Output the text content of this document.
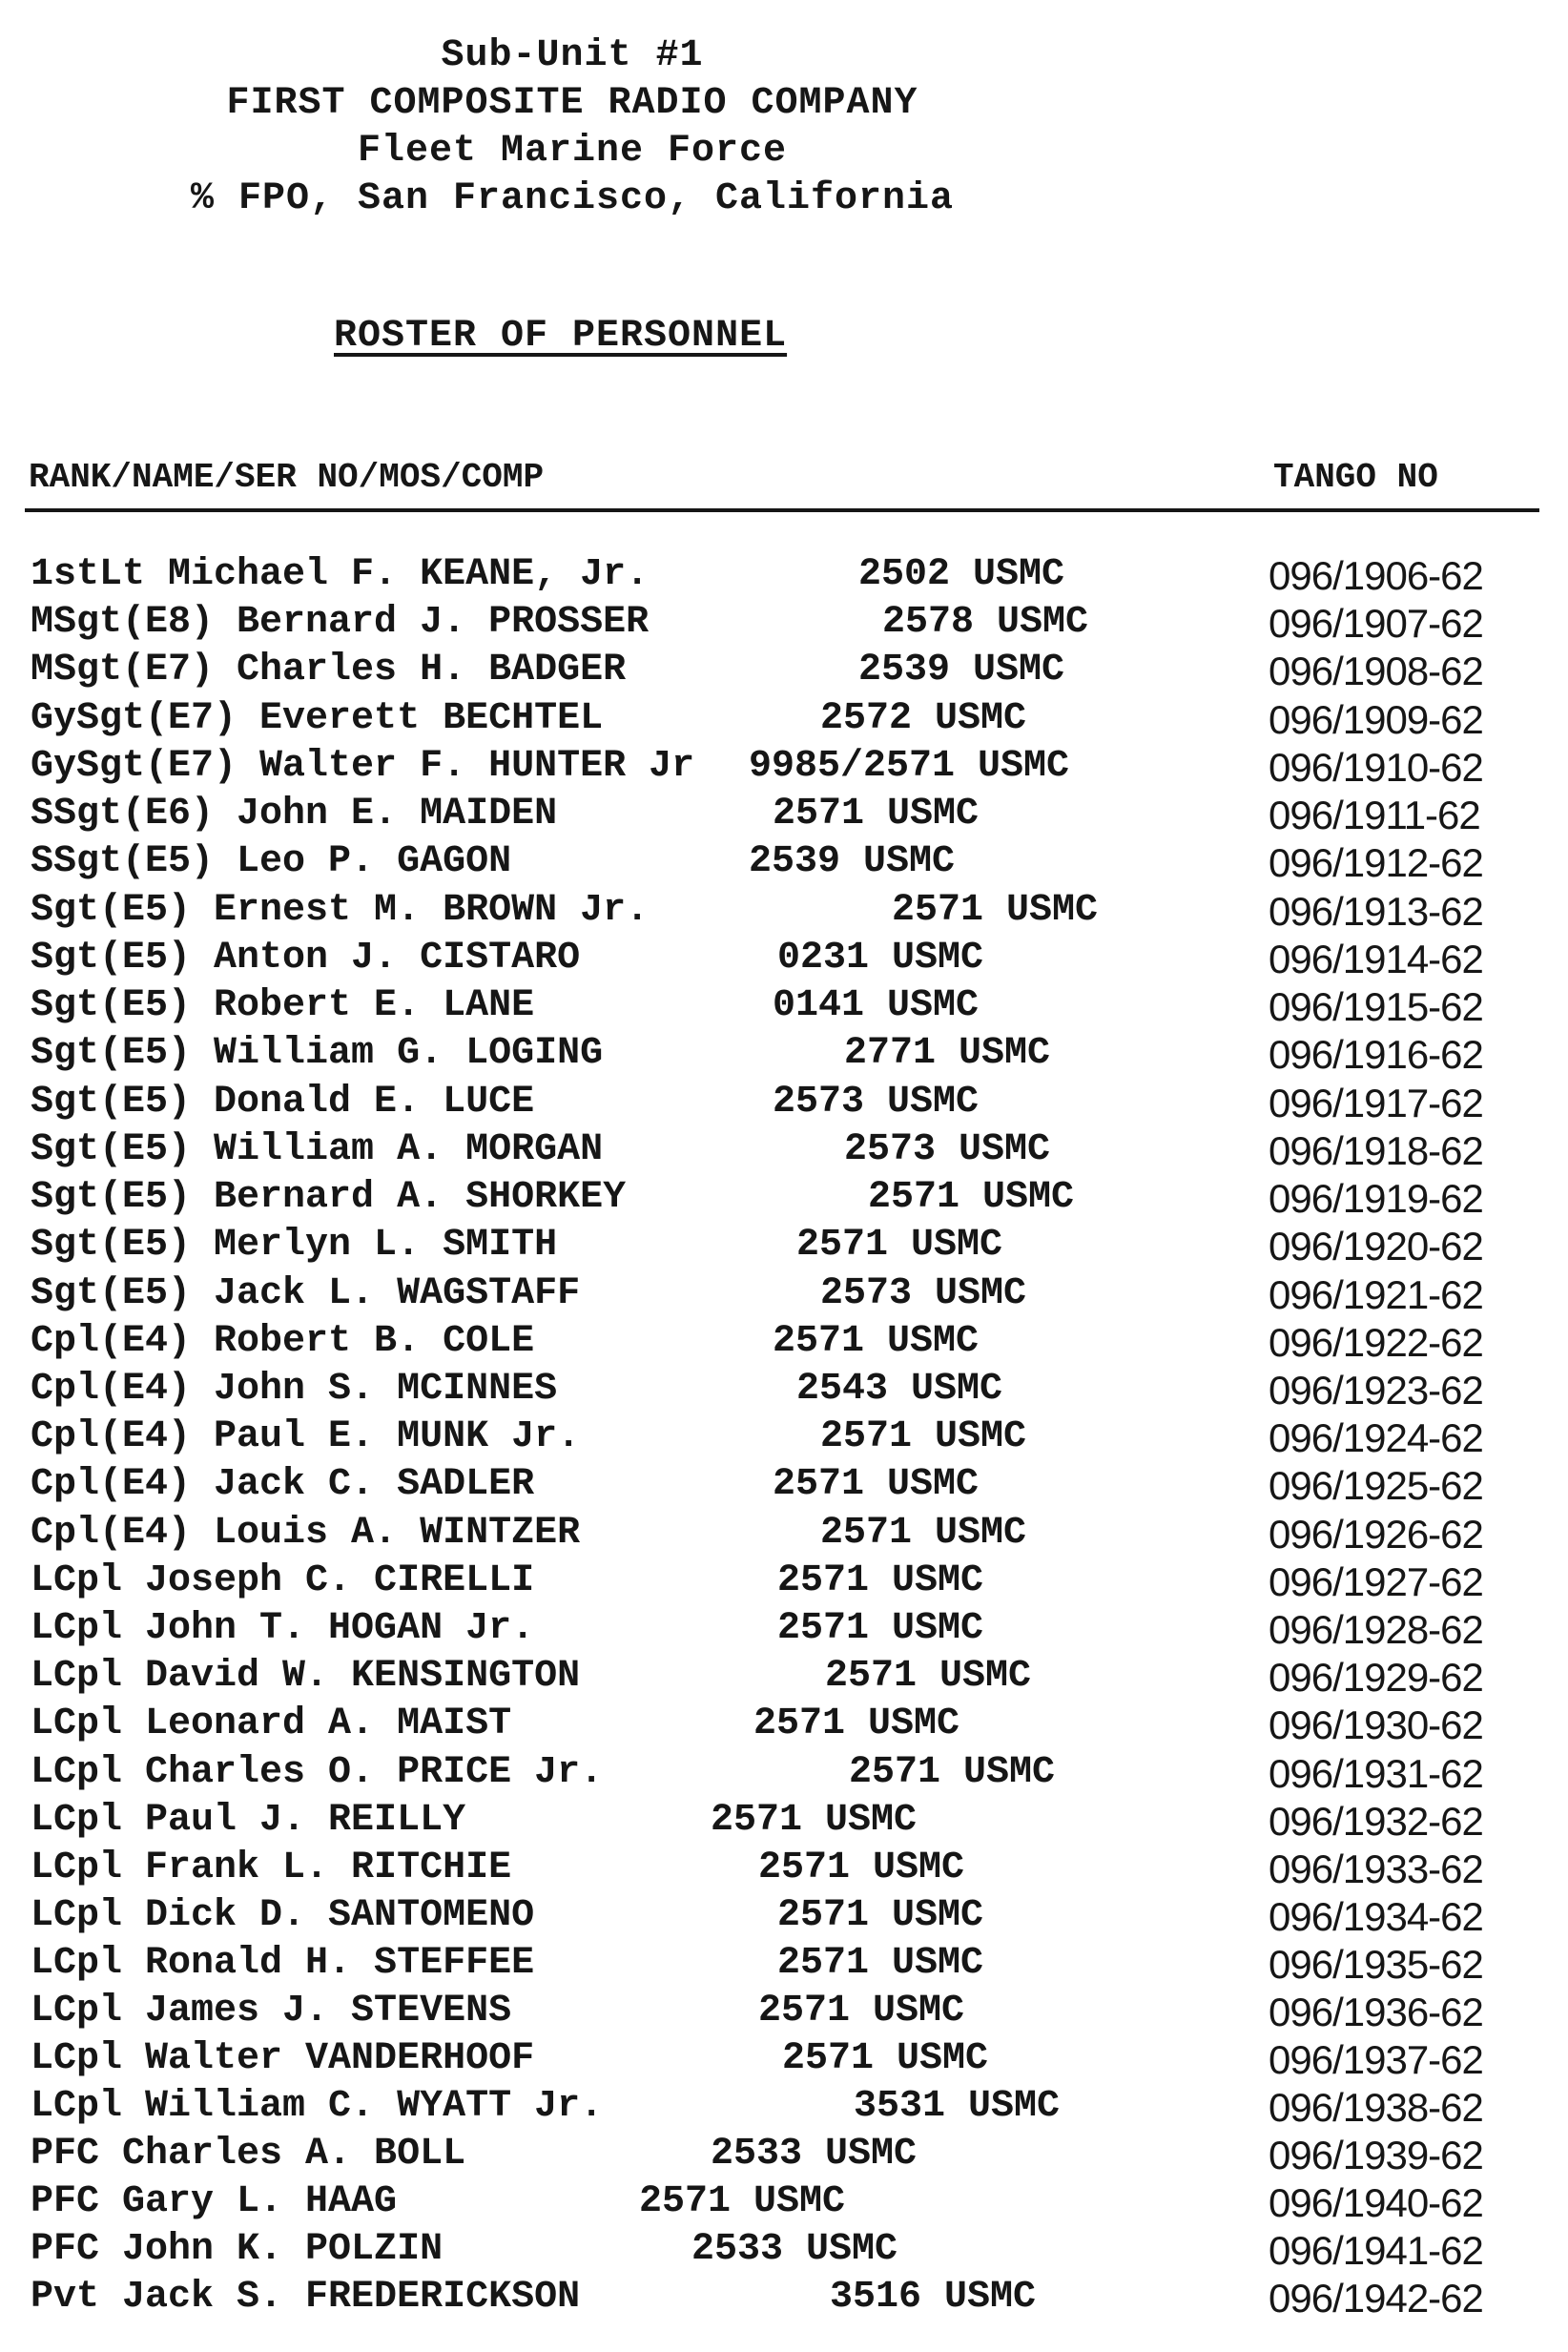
Sub-Unit #1
FIRST COMPOSITE RADIO COMPANY
Fleet Marine Force
% FPO, San Francisco, California
ROSTER OF PERSONNEL
RANK/NAME/SER NO/MOS/COMP	TANGO NO
1stLt Michael F. KEANE, Jr.	2502 USMC	096/1906-62
MSgt(E8) Bernard J. PROSSER	2578 USMC	096/1907-62
MSgt(E7) Charles H. BADGER	2539 USMC	096/1908-62
GySgt(E7) Everett BECHTEL	2572 USMC	096/1909-62
GySgt(E7) Walter F. HUNTER Jr 9985/2571 USMC	096/1910-62
SSgt(E6) John E. MAIDEN	2571 USMC	096/1911-62
SSgt(E5) Leo P. GAGON	2539 USMC	096/1912-62
Sgt(E5) Ernest M. BROWN Jr.	2571 USMC	096/1913-62
Sgt(E5) Anton J. CISTARO	0231 USMC	096/1914-62
Sgt(E5) Robert E. LANE	0141 USMC	096/1915-62
Sgt(E5) William G. LOGING	2771 USMC	096/1916-62
Sgt(E5) Donald E. LUCE	2573 USMC	096/1917-62
Sgt(E5) William A. MORGAN	2573 USMC	096/1918-62
Sgt(E5) Bernard A. SHORKEY	2571 USMC	096/1919-62
Sgt(E5) Merlyn L. SMITH	2571 USMC	096/1920-62
Sgt(E5) Jack L. WAGSTAFF	2573 USMC	096/1921-62
Cpl(E4) Robert B. COLE	2571 USMC	096/1922-62
Cpl(E4) John S. MCINNES	2543 USMC	096/1923-62
Cpl(E4) Paul E. MUNK Jr.	2571 USMC	096/1924-62
Cpl(E4) Jack C. SADLER	2571 USMC	096/1925-62
Cpl(E4) Louis A. WINTZER	2571 USMC	096/1926-62
LCpl Joseph C. CIRELLI	2571 USMC	096/1927-62
LCpl John T. HOGAN Jr.	2571 USMC	096/1928-62
LCpl David W. KENSINGTON	2571 USMC	096/1929-62
LCpl Leonard A. MAIST	2571 USMC	096/1930-62
LCpl Charles O. PRICE Jr.	2571 USMC	096/1931-62
LCpl Paul J. REILLY	2571 USMC	096/1932-62
LCpl Frank L. RITCHIE	2571 USMC	096/1933-62
LCpl Dick D. SANTOMENO	2571 USMC	096/1934-62
LCpl Ronald H. STEFFEE	2571 USMC	096/1935-62
LCpl James J. STEVENS	2571 USMC	096/1936-62
LCpl Walter VANDERHOOF	2571 USMC	096/1937-62
LCpl William C. WYATT Jr.	3531 USMC	096/1938-62
PFC Charles A. BOLL	2533 USMC	096/1939-62
PFC Gary L. HAAG	2571 USMC	096/1940-62
PFC John K. POLZIN	2533 USMC	096/1941-62
Pvt Jack S. FREDERICKSON	3516 USMC	096/1942-62
